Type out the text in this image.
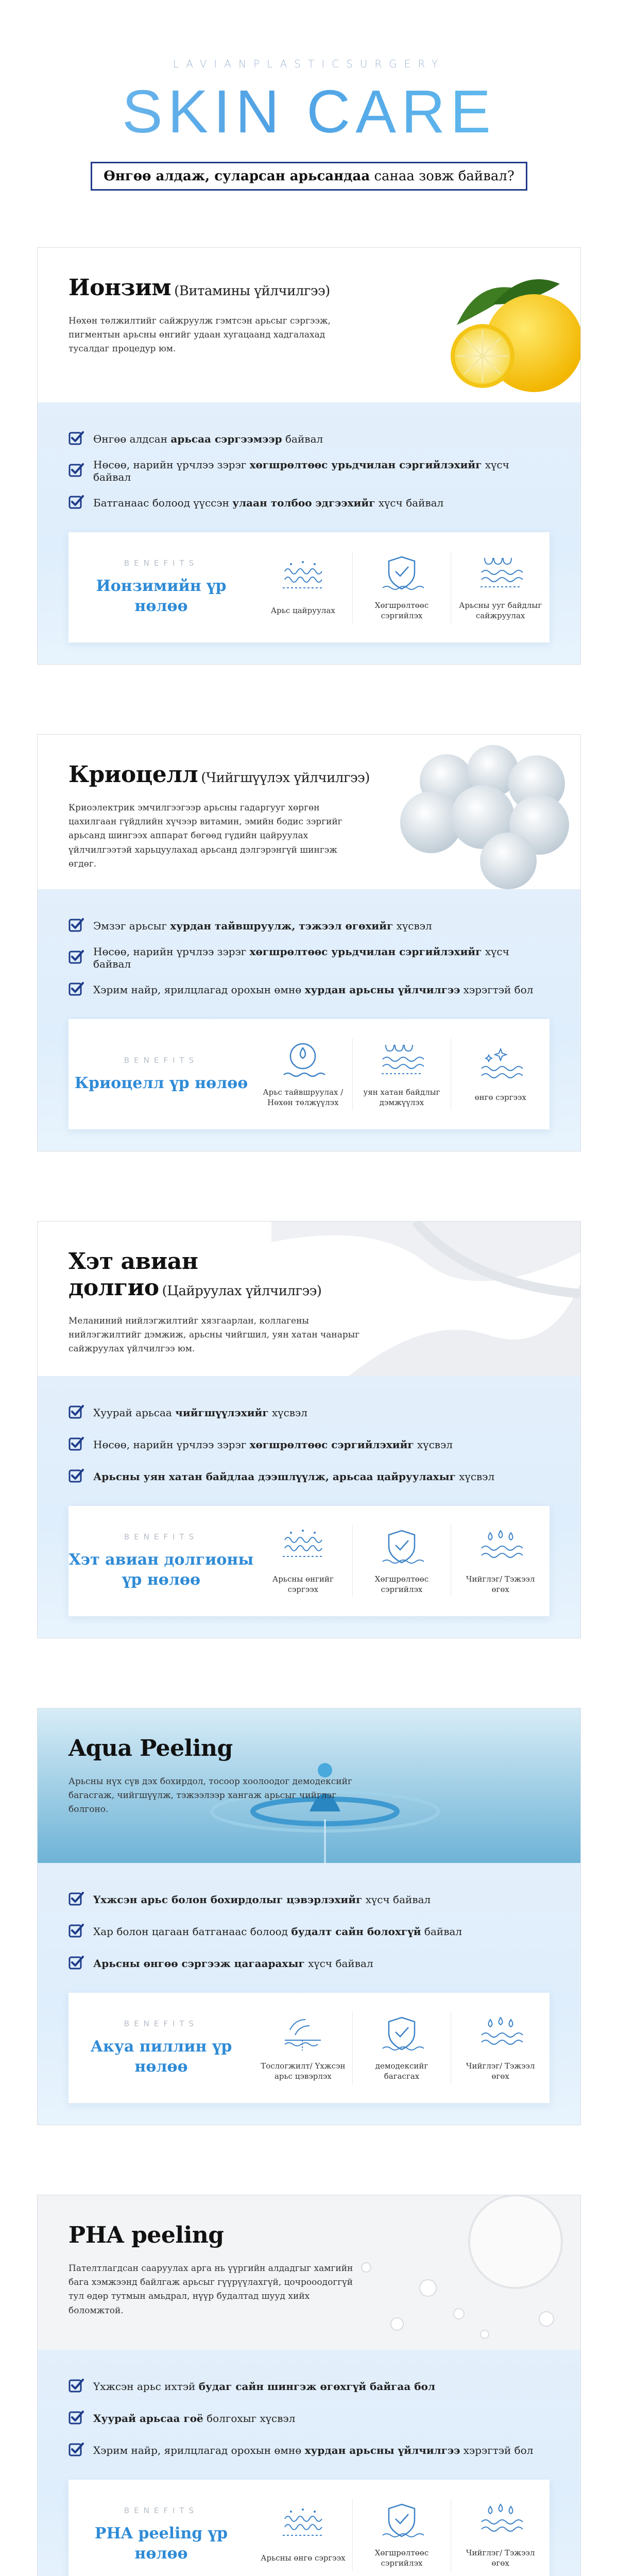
LAVIANPLASTICSURGERY
SKIN CARE
Өнгөө алдаж, суларсан арьсандаа санаа зовж байвал?
Ионзим (Витамины үйлчилгээ)
Нөхөн төлжилтийг сайжруулж гэмтсэн арьсыг сэргээж, пигментын арьсны өнгийг удаан хугацаанд хадгалахад тусалдаг процедур юм.
Өнгөө алдсан арьсаа сэргээмээр байвал
Нөсөө, нарийн үрчлээ зэрэг хөгшрөлтөөс урьдчилан сэргийлэхийг хүсч байвал
Батганаас болоод үүссэн улаан толбоо эдгээхийг хүсч байвал
BENEFITS
Ионзимийн үр нөлөө	Арьс цайруулах
Хөгшрөлтөөс сэргийлэх
Арьсны ууг байдлыг сайжруулах
Криоцелл (Чийгшүүлэх үйлчилгээ)
Криоэлектрик эмчилгээгээр арьсны гадаргууг хөргөн цахилгаан гүйдлийн хүчээр витамин, эмийн бодис зэргийг арьсанд шингээх аппарат бөгөөд гүдийн цайруулах үйлчилгээтэй харьцуулахад арьсанд дэлгэрэнгүй шингэж өгдөг.
Эмзэг арьсыг хурдан тайвшруулж, тэжээл өгөхийг хүсвэл
Нөсөө, нарийн үрчлээ зэрэг хөгшрөлтөөс урьдчилан сэргийлэхийг хүсч байвал
Хэрим найр, ярилцлагад орохын өмнө хурдан арьсны үйлчилгээ хэрэгтэй бол
BENEFITS
Криоцелл үр нөлөө
Арьс тайвшруулах / Нөхөн төлжүүлэх
уян хатан байдлыг дэмжүүлэх
өнгө сэргээх
Хэт авиан долгио (Цайруулах үйлчилгээ)
Меланиний нийлэгжилтийг хязгаарлан, коллагены нийлэгжилтийг дэмжиж, арьсны чийгшил, уян хатан чанарыг сайжруулах үйлчилгээ юм.
Хуурай арьсаа чийгшүүлэхийг хүсвэл
Нөсөө, нарийн үрчлээ зэрэг хөгшрөлтөөс сэргийлэхийг хүсвэл
Арьсны уян хатан байдлаа дээшлүүлж, арьсаа цайруулахыг хүсвэл
BENEFITS
Хэт авиан долгионы үр нөлөө	Арьсны өнгийг сэргээх
Хөгшрөлтөөс сэргийлэх
Чийглэг/ Тэжээл өгөх
Aqua Peeling
Арьсны нүх сүв дэх бохирдол, тосоор хоолоодог демодексийг багасгаж, чийгшүүлж, тэжээлээр хангаж арьсыг чийглэг болгоно.
Үхжсэн арьс болон бохирдолыг цэвэрлэхийг хүсч байвал
Хар болон цагаан батганаас болоод будалт сайн болохгүй байвал
Арьсны өнгөө сэргээж цагаарахыг хүсч байвал
BENEFITS
Акуа пиллин үр нөлөө	Тослогжилт/ Үхжсэн арьс цэвэрлэх
демодексийг багасгах
Чийглэг/ Тэжээл өгөх
PHA peeling
Пателтлагдсан сааруулах арга нь үүргийн алдадгыг хамгийн бага хэмжээнд байлгаж арьсыг гүүрүүлахгүй, цочрооодоггүй тул өдөр тутмын амьдрал, нүүр будалтад шууд хийх боломжтой.
Үхжсэн арьс ихтэй будаг сайн шингэж өгөхгүй байгаа бол
Хуурай арьсаа гоё болгохыг хүсвэл
Хэрим найр, ярилцлагад орохын өмнө хурдан арьсны үйлчилгээ хэрэгтэй бол
BENEFITS
PHA peeling үр нөлөө	Арьсны өнгө сэргээх
Хөгшрөлтөөс сэргийлэх
Чийглэг/ Тэжээл өгөх
